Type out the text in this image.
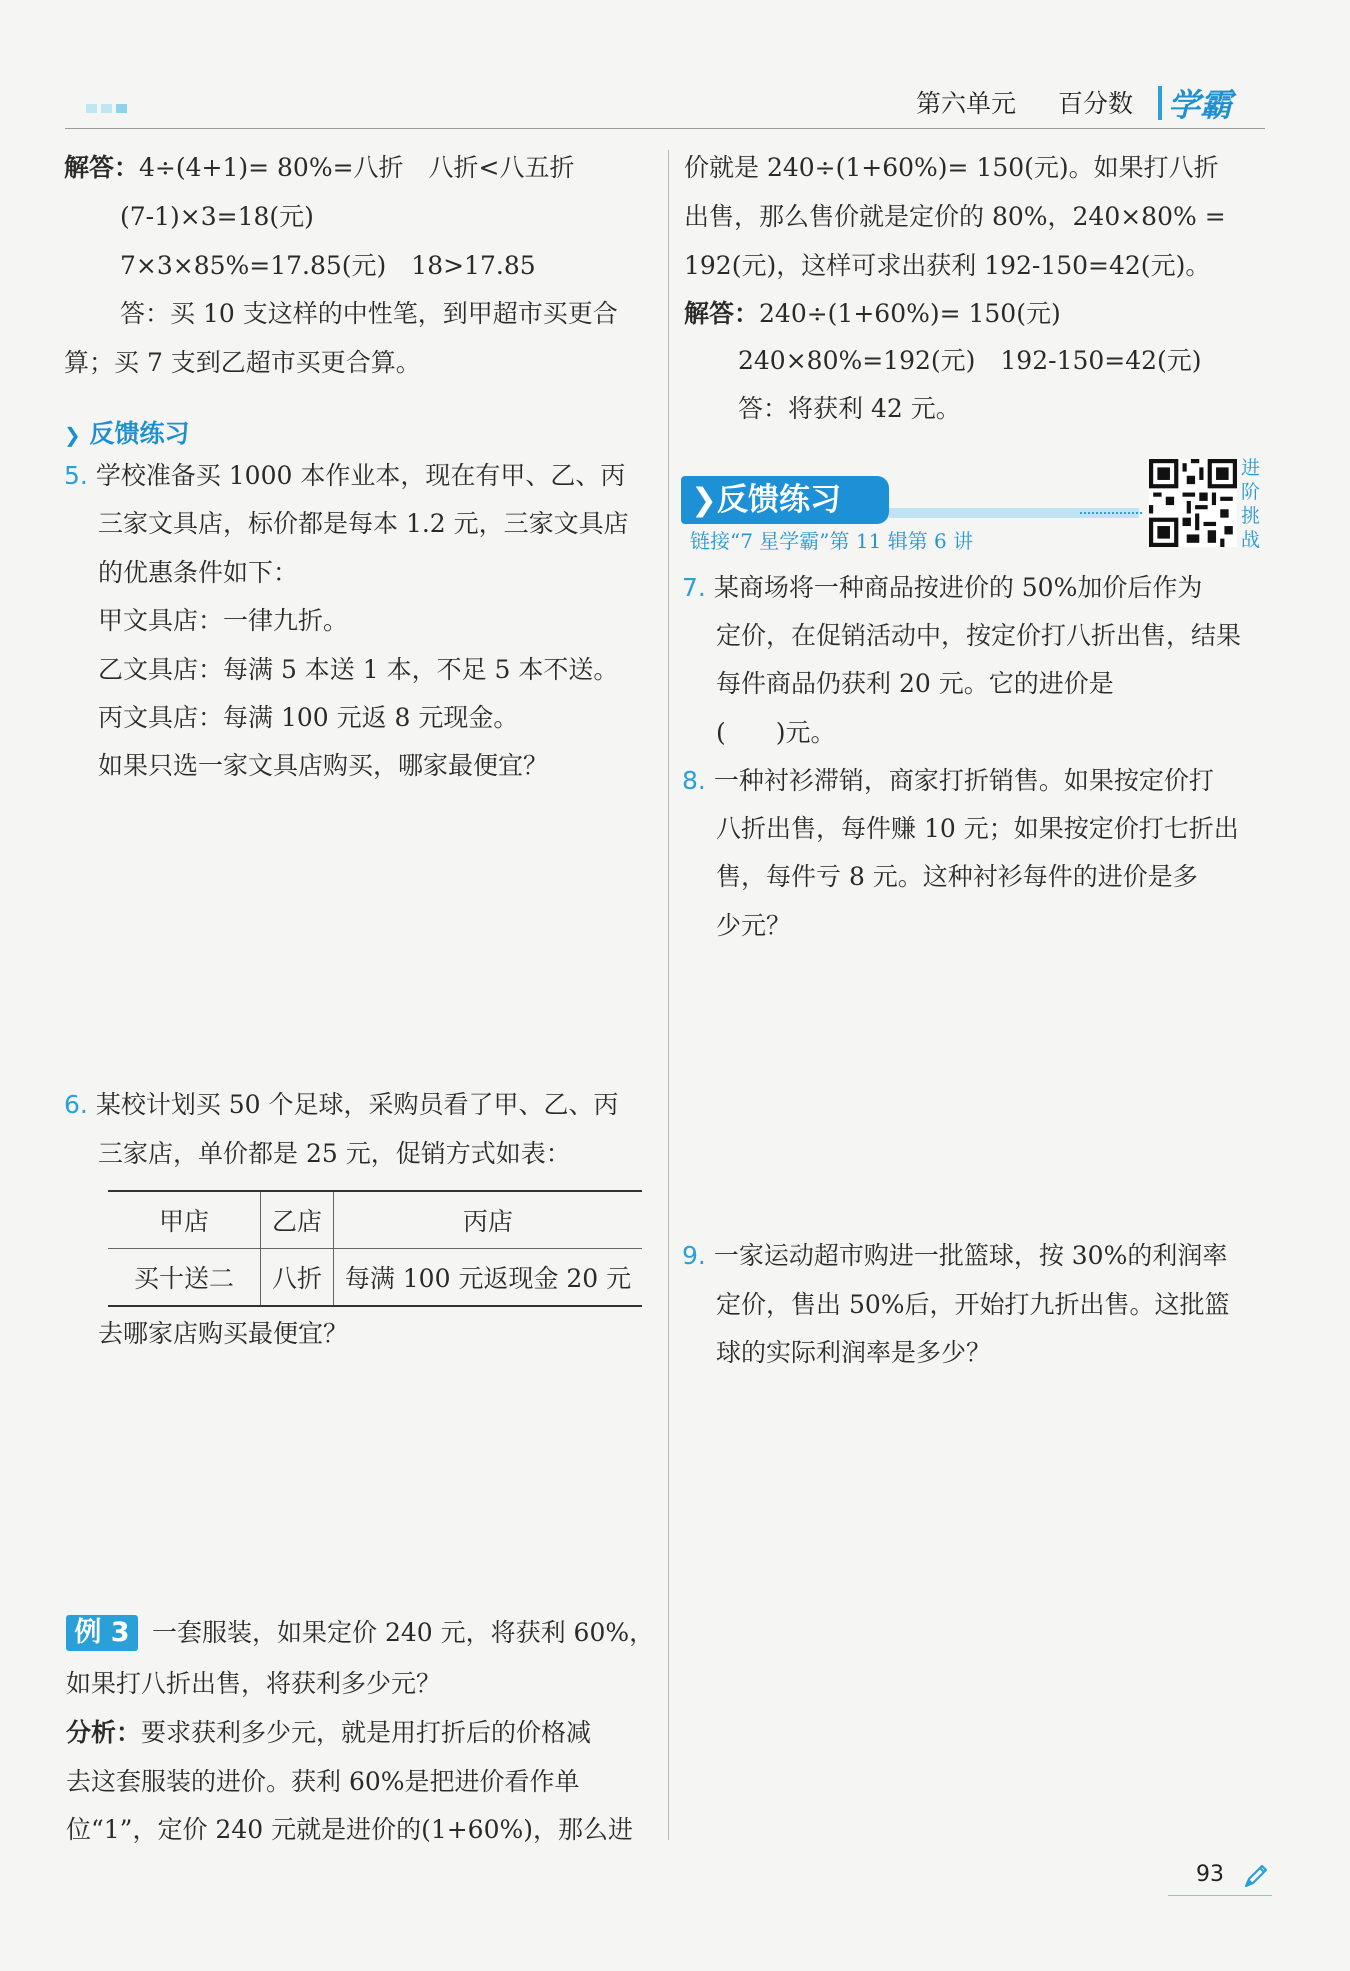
第六单元 百分数 学霸
解答：4÷(4+1)= 80%=八折　八折<八五折
(7-1)×3=18(元)
7×3×85%=17.85(元)　18>17.85
答：买 10 支这样的中性笔，到甲超市买更合
算；买 7 支到乙超市买更合算。
❯ 反馈练习
5. 学校准备买 1000 本作业本，现在有甲、乙、丙
三家文具店，标价都是每本 1.2 元，三家文具店
的优惠条件如下：
甲文具店：一律九折。
乙文具店：每满 5 本送 1 本，不足 5 本不送。
丙文具店：每满 100 元返 8 元现金。
如果只选一家文具店购买，哪家最便宜？
6. 某校计划买 50 个足球，采购员看了甲、乙、丙
三家店，单价都是 25 元，促销方式如表：
甲店	乙店	丙店
买十送二	八折	每满 100 元返现金 20 元
去哪家店购买最便宜？
例 3 一套服装，如果定价 240 元，将获利 60%，
如果打八折出售，将获利多少元？
分析：要求获利多少元，就是用打折后的价格减
去这套服装的进价。获利 60%是把进价看作单
位“1”，定价 240 元就是进价的(1+60%)，那么进
价就是 240÷(1+60%)= 150(元)。如果打八折
出售，那么售价就是定价的 80%，240×80% =
192(元)，这样可求出获利 192-150=42(元)。
解答：240÷(1+60%)= 150(元)
240×80%=192(元)　192-150=42(元)
答：将获利 42 元。
❯反馈练习
链接“7 星学霸”第 11 辑第 6 讲
进阶挑战
7. 某商场将一种商品按进价的 50%加价后作为
定价，在促销活动中，按定价打八折出售，结果
每件商品仍获利 20 元。它的进价是
(　　)元。
8. 一种衬衫滞销，商家打折销售。如果按定价打
八折出售，每件赚 10 元；如果按定价打七折出
售，每件亏 8 元。这种衬衫每件的进价是多
少元？
9. 一家运动超市购进一批篮球，按 30%的利润率
定价，售出 50%后，开始打九折出售。这批篮
球的实际利润率是多少？
93
